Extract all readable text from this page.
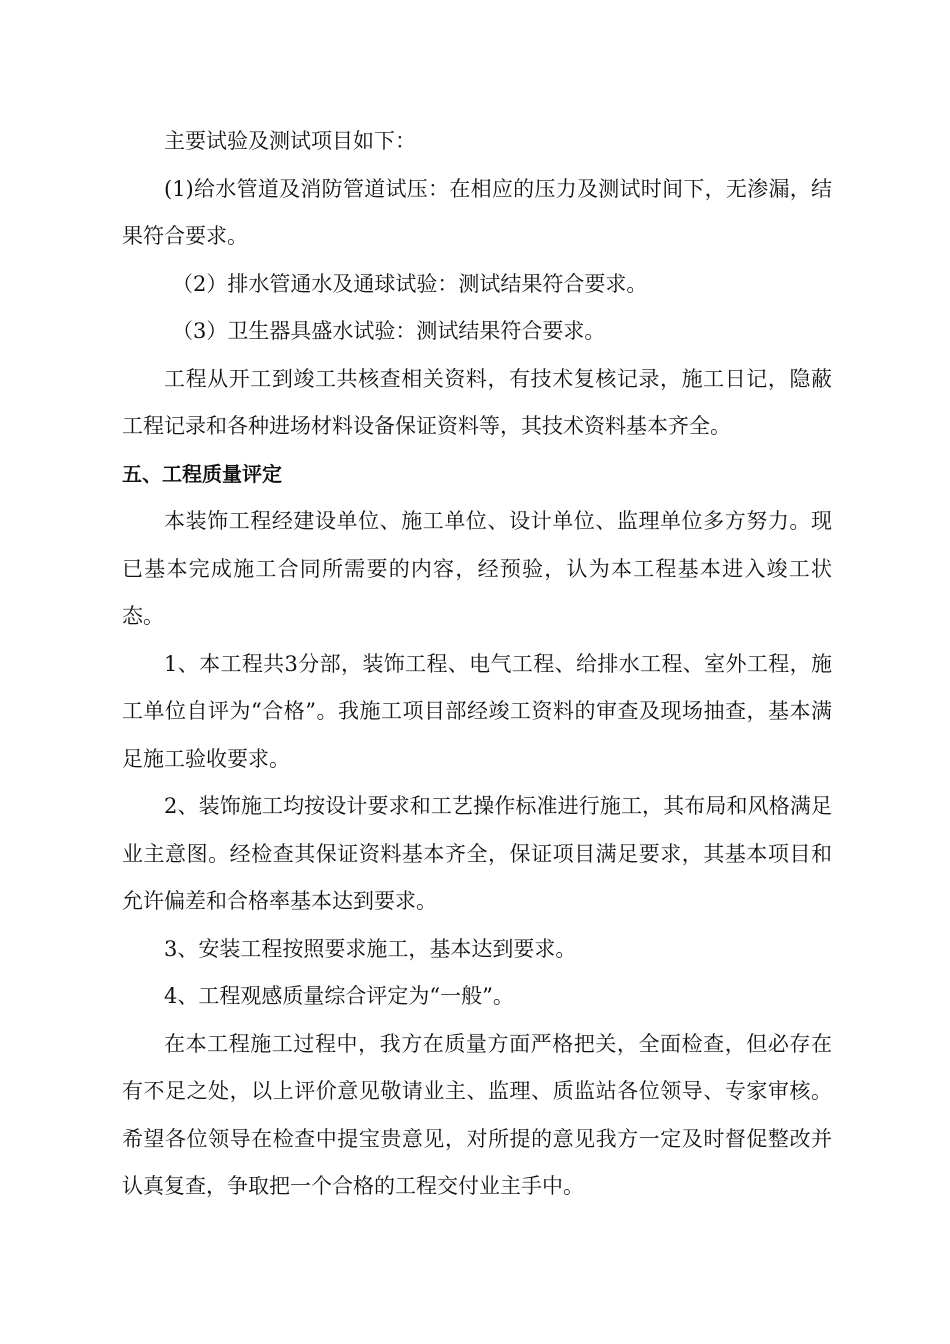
主要试验及测试项目如下：

(1)给水管道及消防管道试压：在相应的压力及测试时间下，无渗漏，结果符合要求。

（2）排水管通水及通球试验：测试结果符合要求。

（3）卫生器具盛水试验：测试结果符合要求。

工程从开工到竣工共核查相关资料，有技术复核记录，施工日记，隐蔽工程记录和各种进场材料设备保证资料等，其技术资料基本齐全。

五、工程质量评定

本装饰工程经建设单位、施工单位、设计单位、监理单位多方努力。现已基本完成施工合同所需要的内容，经预验，认为本工程基本进入竣工状态。

1、本工程共3分部，装饰工程、电气工程、给排水工程、室外工程，施工单位自评为“合格”。我施工项目部经竣工资料的审查及现场抽查，基本满足施工验收要求。

2、装饰施工均按设计要求和工艺操作标准进行施工，其布局和风格满足业主意图。经检查其保证资料基本齐全，保证项目满足要求，其基本项目和允许偏差和合格率基本达到要求。

3、安装工程按照要求施工，基本达到要求。

4、工程观感质量综合评定为“一般”。

在本工程施工过程中，我方在质量方面严格把关，全面检查，但必存在有不足之处，以上评价意见敬请业主、监理、质监站各位领导、专家审核。希望各位领导在检查中提宝贵意见，对所提的意见我方一定及时督促整改并认真复查，争取把一个合格的工程交付业主手中。
